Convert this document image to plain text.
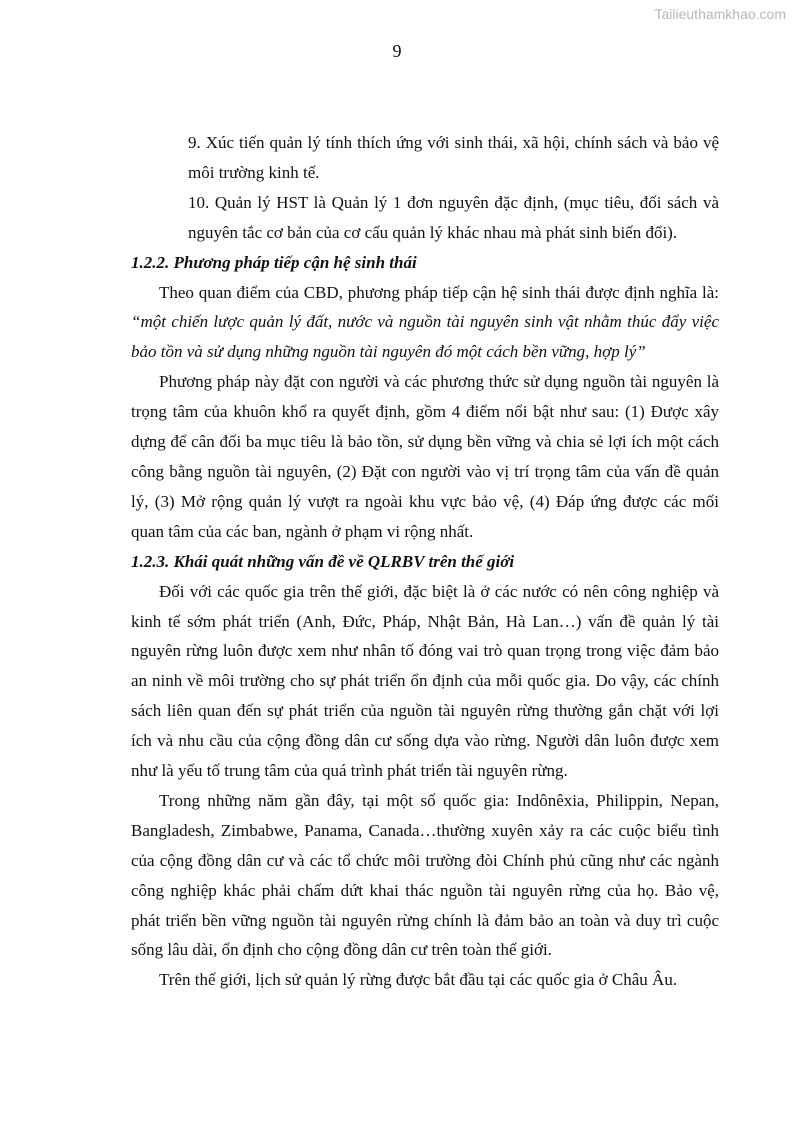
Tailieuthamkhao.com
9

9. Xúc tiến quản lý tính thích ứng với sinh thái, xã hội, chính sách và bảo vệ môi trường kinh tế.

10. Quản lý HST là Quản lý 1 đơn nguyên đặc định, (mục tiêu, đối sách và nguyên tắc cơ bản của cơ cấu quản lý khác nhau mà phát sinh biến đổi).

1.2.2. Phương pháp tiếp cận hệ sinh thái

Theo quan điểm của CBD, phương pháp tiếp cận hệ sinh thái được định nghĩa là: “một chiến lược quản lý đất, nước và nguồn tài nguyên sinh vật nhằm thúc đẩy việc bảo tồn và sử dụng những nguồn tài nguyên đó một cách bền vững, hợp lý”

Phương pháp này đặt con người và các phương thức sử dụng nguồn tài nguyên là trọng tâm của khuôn khổ ra quyết định, gồm 4 điểm nổi bật như sau: (1) Được xây dựng để cân đối ba mục tiêu là bảo tồn, sử dụng bền vững và chia sẻ lợi ích một cách công bằng nguồn tài nguyên, (2) Đặt con người vào vị trí trọng tâm của vấn đề quản lý, (3) Mở rộng quản lý vượt ra ngoài khu vực bảo vệ, (4) Đáp ứng được các mối quan tâm của các ban, ngành ở phạm vi rộng nhất.

1.2.3. Khái quát những vấn đề về QLRBV trên thế giới

Đối với các quốc gia trên thế giới, đặc biệt là ở các nước có nên công nghiệp và kinh tế sớm phát triển (Anh, Đức, Pháp, Nhật Bản, Hà Lan…) vấn đề quản lý tài nguyên rừng luôn được xem như nhân tố đóng vai trò quan trọng trong việc đảm bảo an ninh về môi trường cho sự phát triển ổn định của mỗi quốc gia. Do vậy, các chính sách liên quan đến sự phát triển của nguồn tài nguyên rừng thường gắn chặt với lợi ích và nhu cầu của cộng đồng dân cư sống dựa vào rừng. Người dân luôn được xem như là yếu tố trung tâm của quá trình phát triển tài nguyên rừng.

Trong những năm gần đây, tại một số quốc gia: Indônêxia, Philippin, Nepan, Bangladesh, Zimbabwe, Panama, Canada…thường xuyên xảy ra các cuộc biểu tình của cộng đồng dân cư và các tổ chức môi trường đòi Chính phủ cũng như các ngành công nghiệp khác phải chấm dứt khai thác nguồn tài nguyên rừng của họ. Bảo vệ, phát triển bền vững nguồn tài nguyên rừng chính là đảm bảo an toàn và duy trì cuộc sống lâu dài, ổn định cho cộng đồng dân cư trên toàn thế giới.

Trên thế giới, lịch sử quản lý rừng được bắt đầu tại các quốc gia ở Châu Âu.
